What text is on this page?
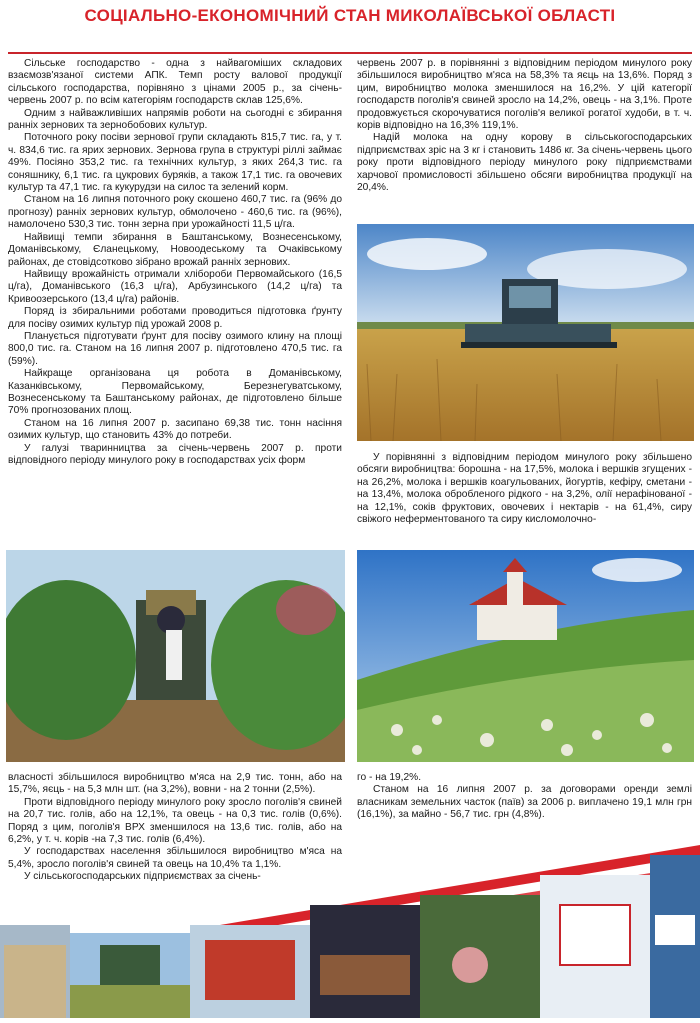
СОЦІАЛЬНО-ЕКОНОМІЧНИЙ СТАН МИКОЛАЇВСЬКОЇ ОБЛАСТІ

Сільське господарство - одна з найвагоміших складових взаємозв'язаної системи АПК. Темп росту валової продукції сільського господарства, порівняно з цінами 2005 р., за січень-червень 2007 р. по всім категоріям господарств склав 125,6%.

Одним з найважливіших напрямів роботи на сьогодні є збирання ранніх зернових та зернобобових культур.

Поточного року посіви зернової групи складають 815,7 тис. га, у т. ч. 834,6 тис. га ярих зернових. Зернова група в структурі ріллі займає 49%. Посіяно 353,2 тис. га технічних культур, з яких 264,3 тис. га соняшнику, 6,1 тис. га цукрових буряків, а також 17,1 тис. га овочевих культур та 47,1 тис. га кукурудзи на силос та зелений корм.

Станом на 16 липня поточного року скошено 460,7 тис. га (96% до прогнозу) ранніх зернових культур, обмолочено - 460,6 тис. га (96%), намолочено 530,3 тис. тонн зерна при урожайності 11,5 ц/га.

Найвищі темпи збирання в Баштанському, Вознесенському, Доманівському, Єланецькому, Новоодеському та Очаківському районах, де стовідсотково зібрано врожай ранніх зернових.

Найвищу врожайність отримали хлібороби Первомайського (16,5 ц/га), Доманівського (16,3 ц/га), Арбузинського (14,2 ц/га) та Кривоозерського (13,4 ц/га) районів.

Поряд із збиральними роботами проводиться підготовка ґрунту для посіву озимих культур під урожай 2008 р.

Планується підготувати ґрунт для посіву озимого клину на площі 800,0 тис. га. Станом на 16 липня 2007 р. підготовлено 470,5 тис. га (59%).

Найкраще організована ця робота в Доманівському, Казанківському, Первомайському, Березнегуватському, Вознесенському та Баштанському районах, де підготовлено більше 70% прогнозованих площ.

Станом на 16 липня 2007 р. засипано 69,38 тис. тонн насіння озимих культур, що становить 43% до потреби.

У галузі тваринництва за січень-червень 2007 р. проти відповідного періоду минулого року в господарствах усіх форм

червень 2007 р. в порівнянні з відповідним періодом минулого року збільшилося виробництво м'яса на 58,3% та яєць на 13,6%. Поряд з цим, виробництво молока зменшилося на 16,2%. У цій категорії господарств поголів'я свиней зросло на 14,2%, овець - на 3,1%. Проте продовжується скорочуватися поголів'я великої рогатої худоби, в т. ч. корів відповідно на 16,3% 119,1%.

Надій молока на одну корову в сільськогосподарських підприємствах зріс на 3 кг і становить 1486 кг. За січень-червень цього року проти відповідного періоду минулого року підприємствами харчової промисловості збільшено обсяги виробництва продукції на 20,4%.

У порівнянні з відповідним періодом минулого року збільшено обсяги виробництва: борошна - на 17,5%, молока і вершків згущених - на 26,2%, молока і вершків коагульованих, йогуртів, кефіру, сметани - на 13,4%, молока обробленого рідкого - на 3,2%, олії нерафінованої - на 12,1%, соків фруктових, овочевих і нектарів - на 61,4%, сиру свіжого неферментованого та сиру кисломолочно-

власності збільшилося виробництво м'яса на 2,9 тис. тонн, або на 15,7%, яєць - на 5,3 млн шт. (на 3,2%), вовни - на 2 тонни (2,5%).

Проти відповідного періоду минулого року зросло поголів'я свиней на 20,7 тис. голів, або на 12,1%, та овець - на 0,3 тис. голів (0,6%). Поряд з цим, поголів'я ВРХ зменшилося на 13,6 тис. голів, або на 6,2%, у т. ч. корів -на 7,3 тис. голів (6,4%).

У господарствах населення збільшилося виробництво м'яса на 5,4%, зросло поголів'я свиней та овець на 10,4% та 1,1%.

У сільськогосподарських підприємствах за січень-

го - на 19,2%.

Станом на 16 липня 2007 р. за договорами оренди землі власникам земельних часток (паїв) за 2006 р. виплачено 19,1 млн грн (16,1%), за майно - 56,7 тис. грн (4,8%).
